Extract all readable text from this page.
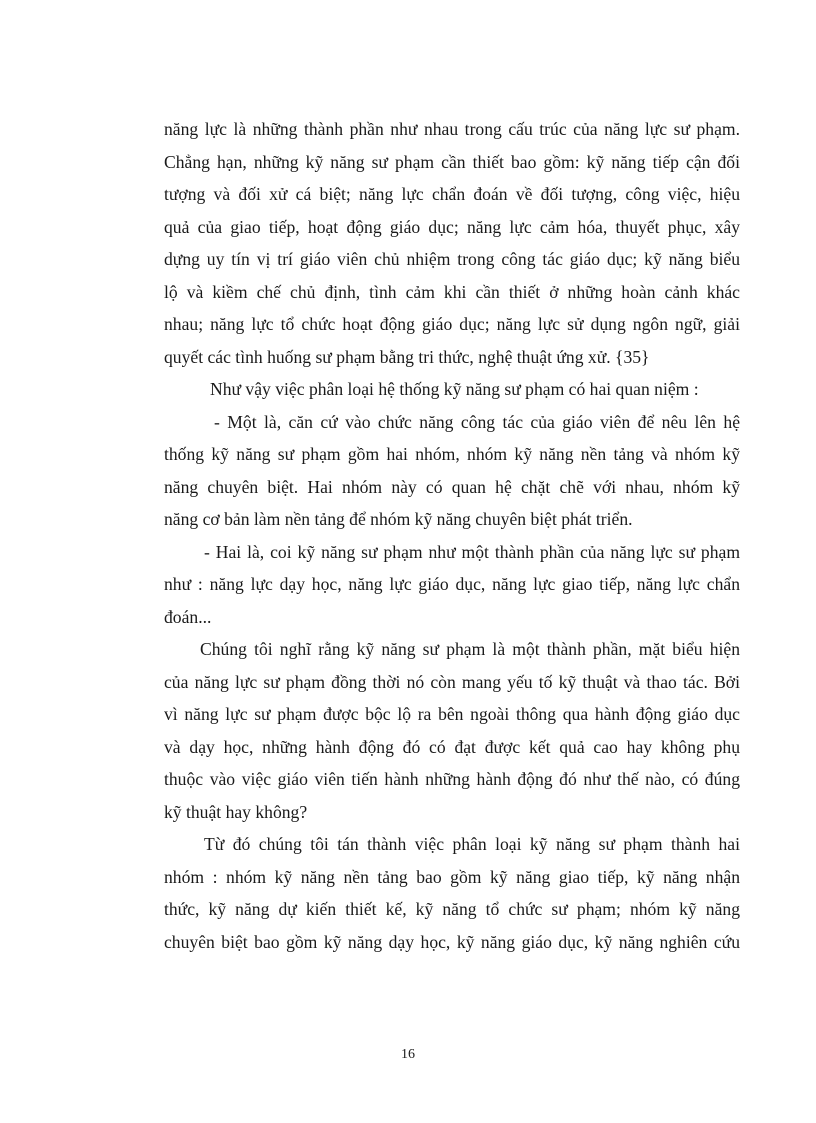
năng lực là những thành phần như nhau trong cấu trúc của năng lực sư phạm.
Chẳng hạn, những kỹ năng sư phạm cần thiết bao gồm: kỹ năng tiếp cận đối
tượng và đối xử cá biệt; năng lực chẩn đoán về đối tượng, công việc, hiệu
quả của giao tiếp, hoạt động giáo dục; năng lực cảm hóa, thuyết phục, xây
dựng uy tín vị trí giáo viên chủ nhiệm trong công tác giáo dục; kỹ năng biểu
lộ và kiềm chế chủ định, tình cảm khi cần thiết ở những hoàn cảnh khác
nhau; năng lực tổ chức hoạt động giáo dục; năng lực sử dụng ngôn ngữ, giải
quyết các tình huống sư phạm bằng tri thức, nghệ thuật ứng xử. {35}
Như vậy việc phân loại hệ thống kỹ năng sư phạm có hai quan niệm :
- Một là, căn cứ vào chức năng công tác của giáo viên để nêu lên hệ
thống kỹ năng sư phạm gồm hai nhóm, nhóm kỹ năng nền tảng và nhóm kỹ
năng chuyên biệt. Hai nhóm này có quan hệ chặt chẽ với nhau, nhóm kỹ
năng cơ bản làm nền tảng để nhóm kỹ năng chuyên biệt phát triển.
- Hai là, coi kỹ năng sư phạm như một thành phần của năng lực sư phạm
như : năng lực dạy học, năng lực giáo dục, năng lực giao tiếp, năng lực chẩn
đoán...
Chúng tôi nghĩ rằng kỹ năng sư phạm là một thành phần, mặt biểu hiện
của năng lực sư phạm đồng thời nó còn mang yếu tố kỹ thuật và thao tác. Bởi
vì năng lực sư phạm được bộc lộ ra bên ngoài thông qua hành động giáo dục
và dạy học, những hành động đó có đạt được kết quả cao hay không phụ
thuộc vào việc giáo viên tiến hành những hành động đó như thế nào, có đúng
kỹ thuật hay không?
Từ đó chúng tôi tán thành việc phân loại kỹ năng sư phạm thành hai
nhóm : nhóm kỹ năng nền tảng bao gồm kỹ năng giao tiếp, kỹ năng nhận
thức, kỹ năng dự kiến thiết kế, kỹ năng tổ chức sư phạm; nhóm kỹ năng
chuyên biệt bao gồm kỹ năng dạy học, kỹ năng giáo dục, kỹ năng nghiên cứu
16
